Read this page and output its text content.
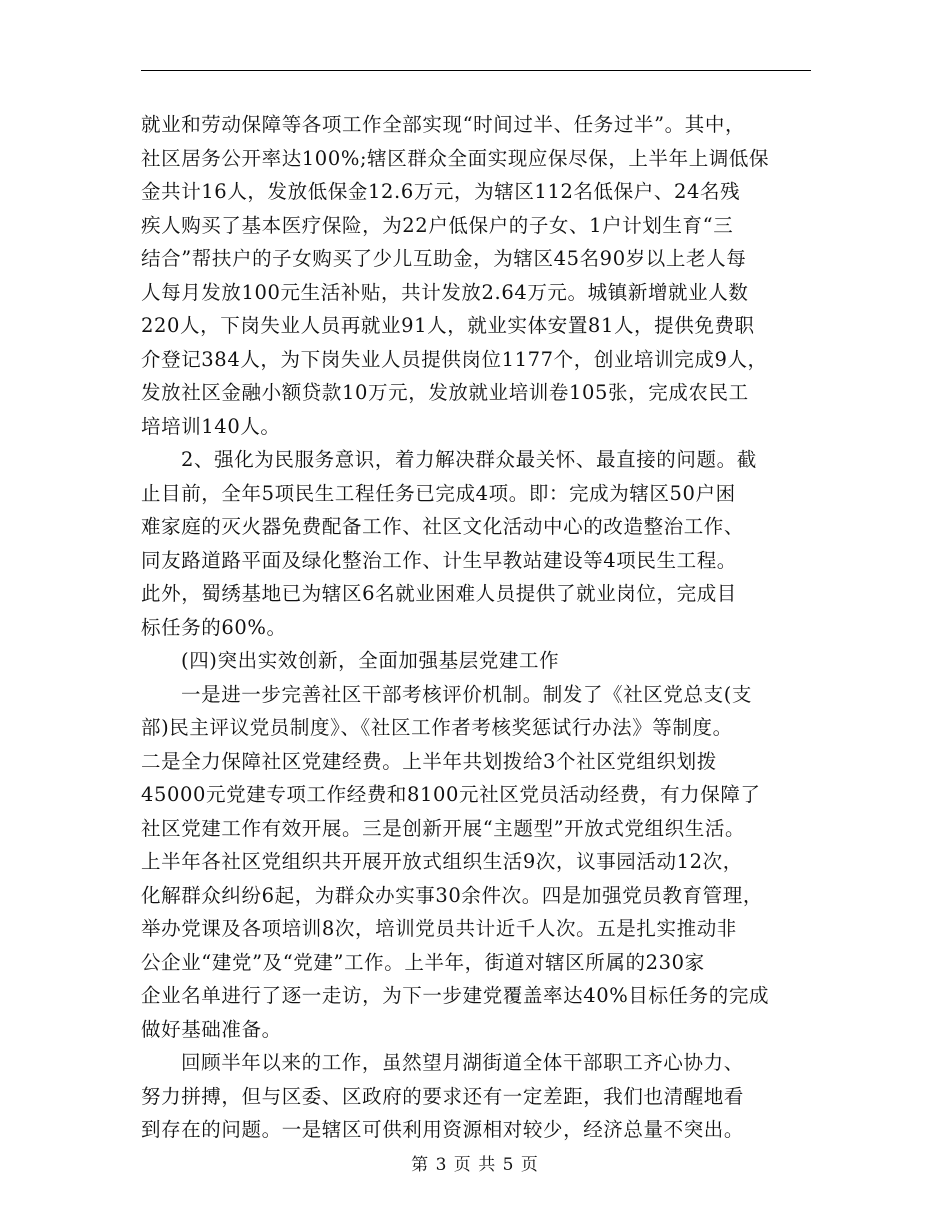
就业和劳动保障等各项工作全部实现“时间过半、任务过半”。其中，
社区居务公开率达100%;辖区群众全面实现应保尽保，上半年上调低保
金共计16人，发放低保金12.6万元，为辖区112名低保户、24名残
疾人购买了基本医疗保险，为22户低保户的子女、1户计划生育“三
结合”帮扶户的子女购买了少儿互助金，为辖区45名90岁以上老人每
人每月发放100元生活补贴，共计发放2.64万元。城镇新增就业人数
220人，下岗失业人员再就业91人，就业实体安置81人，提供免费职
介登记384人，为下岗失业人员提供岗位1177个，创业培训完成9人，
发放社区金融小额贷款10万元，发放就业培训卷105张，完成农民工
培培训140人。
2、强化为民服务意识，着力解决群众最关怀、最直接的问题。截
止目前，全年5项民生工程任务已完成4项。即：完成为辖区50户困
难家庭的灭火器免费配备工作、社区文化活动中心的改造整治工作、
同友路道路平面及绿化整治工作、计生早教站建设等4项民生工程。
此外，蜀绣基地已为辖区6名就业困难人员提供了就业岗位，完成目
标任务的60%。
(四)突出实效创新，全面加强基层党建工作
一是进一步完善社区干部考核评价机制。制发了《社区党总支(支
部)民主评议党员制度》、《社区工作者考核奖惩试行办法》等制度。
二是全力保障社区党建经费。上半年共划拨给3个社区党组织划拨
45000元党建专项工作经费和8100元社区党员活动经费，有力保障了
社区党建工作有效开展。三是创新开展“主题型”开放式党组织生活。
上半年各社区党组织共开展开放式组织生活9次，议事园活动12次，
化解群众纠纷6起，为群众办实事30余件次。四是加强党员教育管理，
举办党课及各项培训8次，培训党员共计近千人次。五是扎实推动非
公企业“建党”及“党建”工作。上半年，街道对辖区所属的230家
企业名单进行了逐一走访，为下一步建党覆盖率达40%目标任务的完成
做好基础准备。
回顾半年以来的工作，虽然望月湖街道全体干部职工齐心协力、
努力拼搏，但与区委、区政府的要求还有一定差距，我们也清醒地看
到存在的问题。一是辖区可供利用资源相对较少，经济总量不突出。
第 3 页 共 5 页
